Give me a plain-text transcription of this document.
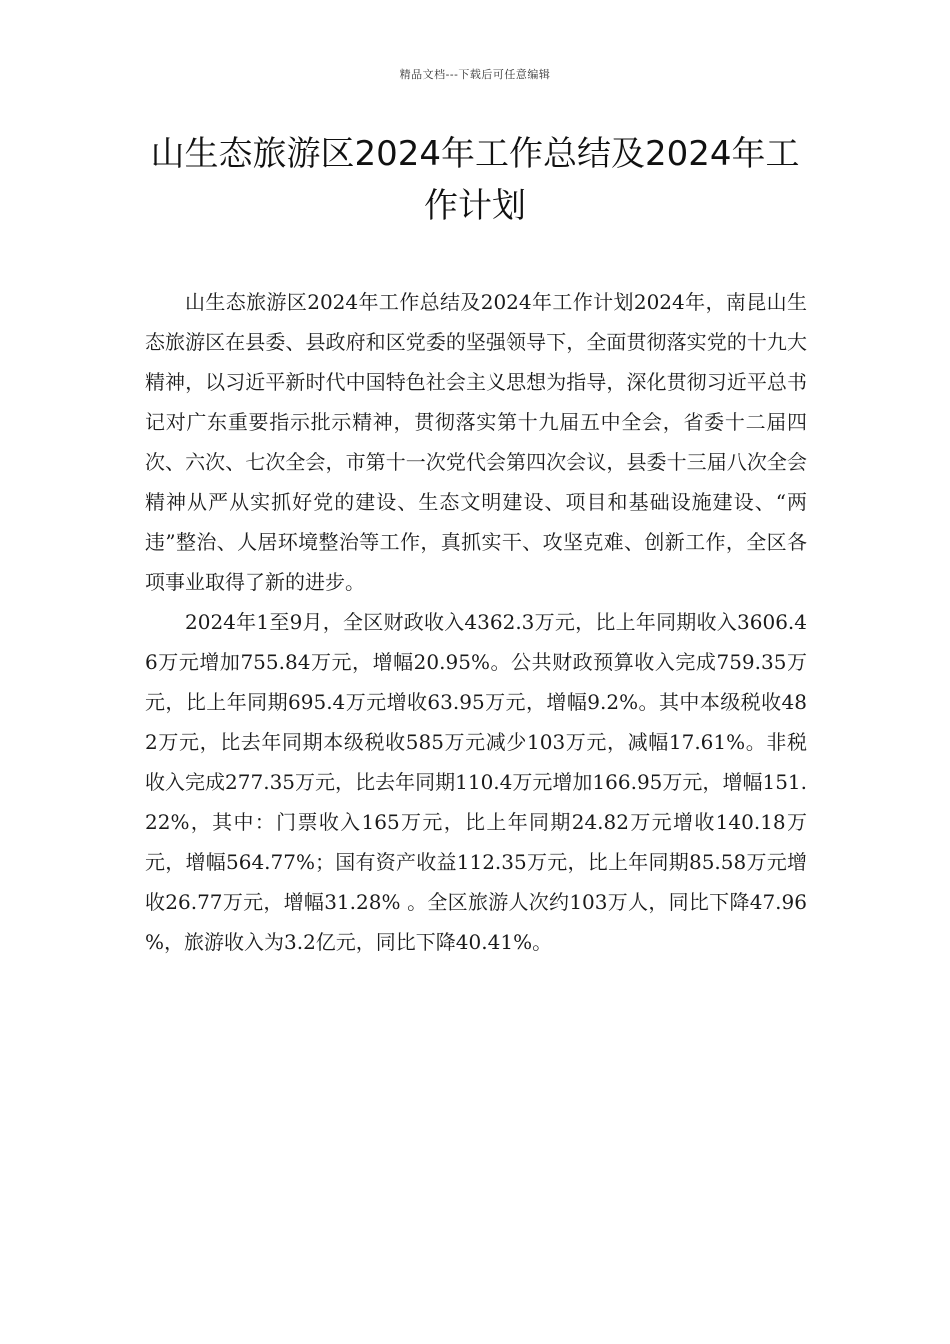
精品文档---下载后可任意编辑
山生态旅游区2024年工作总结及2024年工作计划

山生态旅游区2024年工作总结及2024年工作计划2024年，南昆山生态旅游区在县委、县政府和区党委的坚强领导下，全面贯彻落实党的十九大精神，以习近平新时代中国特色社会主义思想为指导，深化贯彻习近平总书记对广东重要指示批示精神，贯彻落实第十九届五中全会，省委十二届四次、六次、七次全会，市第十一次党代会第四次会议，县委十三届八次全会精神从严从实抓好党的建设、生态文明建设、项目和基础设施建设、“两违”整治、人居环境整治等工作，真抓实干、攻坚克难、创新工作，全区各项事业取得了新的进步。

2024年1至9月，全区财政收入4362.3万元，比上年同期收入3606.46万元增加755.84万元，增幅20.95%。公共财政预算收入完成759.35万元，比上年同期695.4万元增收63.95万元，增幅9.2%。其中本级税收482万元，比去年同期本级税收585万元减少103万元，减幅17.61%。非税收入完成277.35万元，比去年同期110.4万元增加166.95万元，增幅151.22%，其中：门票收入165万元，比上年同期24.82万元增收140.18万元，增幅564.77%；国有资产收益112.35万元，比上年同期85.58万元增收26.77万元，增幅31.28% 。全区旅游人次约103万人，同比下降47.96 %，旅游收入为3.2亿元，同比下降40.41%。
